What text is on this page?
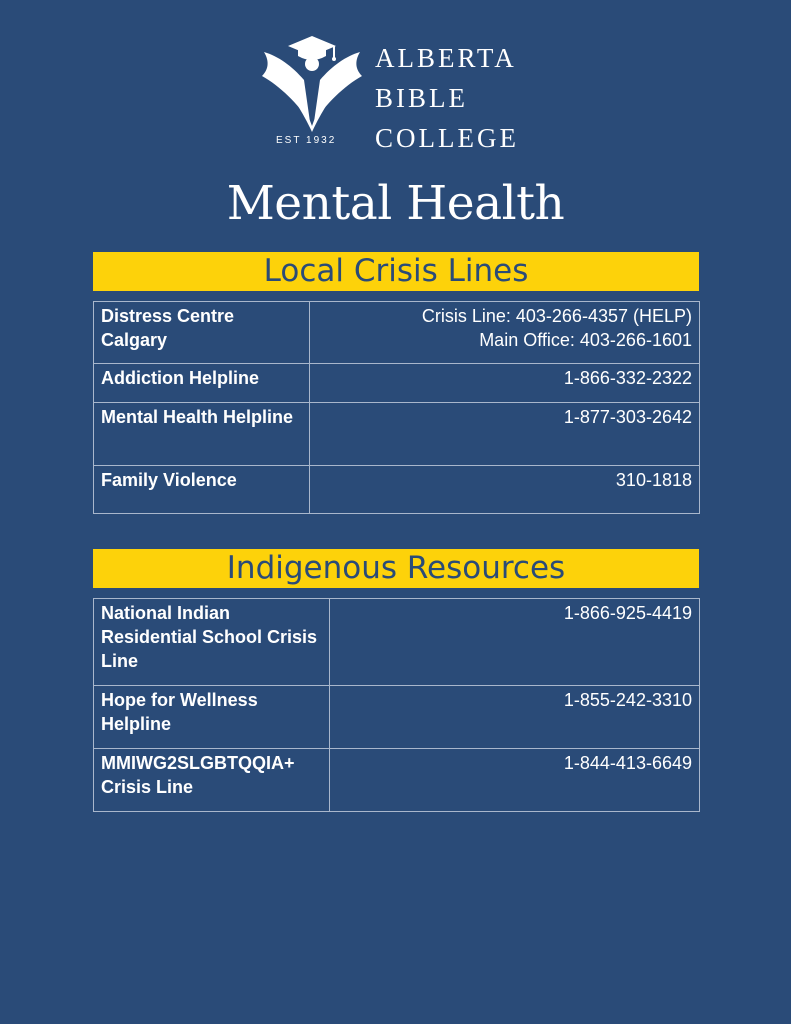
EST 1932
ALBERTA
BIBLE
COLLEGE
Mental Health
Local Crisis Lines
Distress Centre Calgary	Crisis Line: 403-266-4357 (HELP)
Main Office: 403-266-1601

Addiction Helpline	1-866-332-2322

Mental Health Helpline	1-877-303-2642

Family Violence	310-1818
Indigenous Resources
National Indian Residential School Crisis Line	1-866-925-4419

Hope for Wellness Helpline	1-855-242-3310

MMIWG2SLGBTQQIA+ Crisis Line	1-844-413-6649
